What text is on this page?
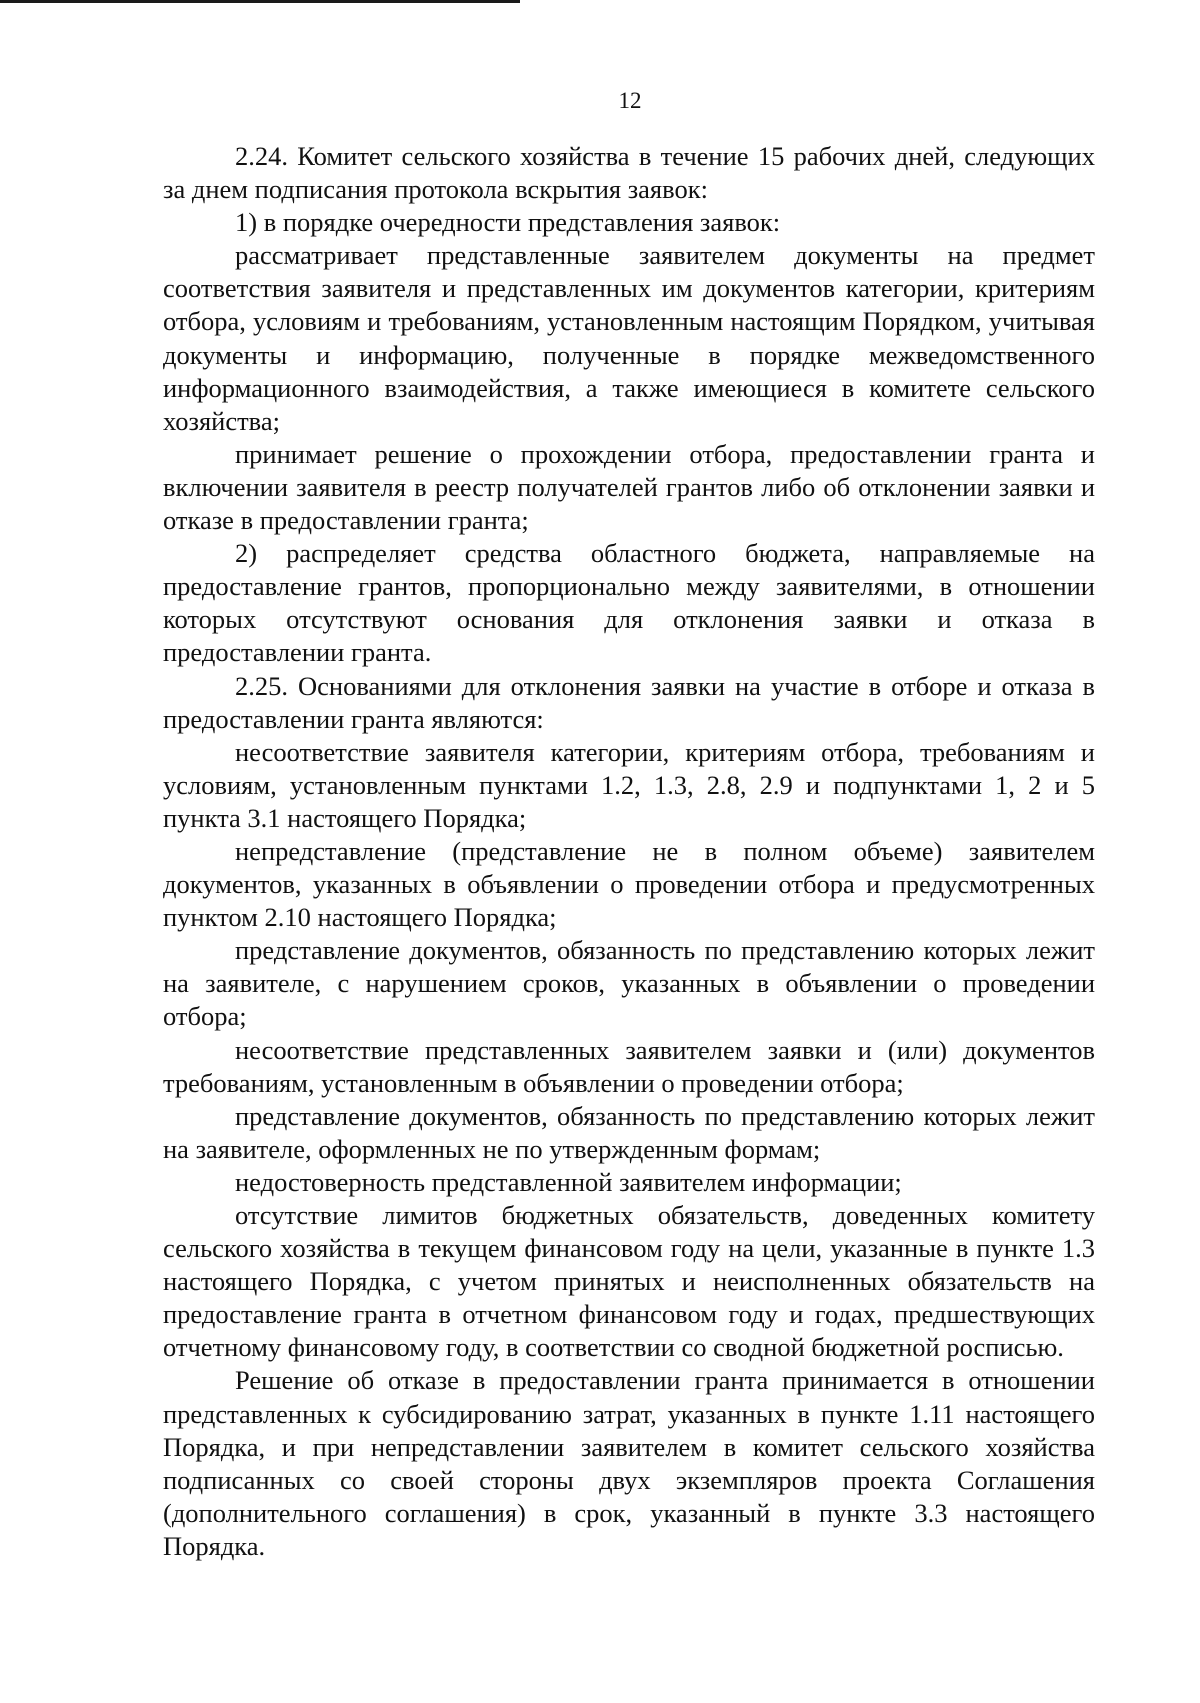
12

2.24. Комитет сельского хозяйства в течение 15 рабочих дней, следующих за днем подписания протокола вскрытия заявок:

1) в порядке очередности представления заявок:

рассматривает представленные заявителем документы на предмет соответствия заявителя и представленных им документов категории, критериям отбора, условиям и требованиям, установленным настоящим Порядком, учитывая документы и информацию, полученные в порядке межведомственного информационного взаимодействия, а также имеющиеся в комитете сельского хозяйства;

принимает решение о прохождении отбора, предоставлении гранта и включении заявителя в реестр получателей грантов либо об отклонении заявки и отказе в предоставлении гранта;

2) распределяет средства областного бюджета, направляемые на предоставление грантов, пропорционально между заявителями, в отношении которых отсутствуют основания для отклонения заявки и отказа в предоставлении гранта.

2.25. Основаниями для отклонения заявки на участие в отборе и отказа в предоставлении гранта являются:

несоответствие заявителя категории, критериям отбора, требованиям и условиям, установленным пунктами 1.2, 1.3, 2.8, 2.9 и подпунктами 1, 2 и 5 пункта 3.1 настоящего Порядка;

непредставление (представление не в полном объеме) заявителем документов, указанных в объявлении о проведении отбора и предусмотренных пунктом 2.10 настоящего Порядка;

представление документов, обязанность по представлению которых лежит на заявителе, с нарушением сроков, указанных в объявлении о проведении отбора;

несоответствие представленных заявителем заявки и (или) документов требованиям, установленным в объявлении о проведении отбора;

представление документов, обязанность по представлению которых лежит на заявителе, оформленных не по утвержденным формам;

недостоверность представленной заявителем информации;

отсутствие лимитов бюджетных обязательств, доведенных комитету сельского хозяйства в текущем финансовом году на цели, указанные в пункте 1.3 настоящего Порядка, с учетом принятых и неисполненных обязательств на предоставление гранта в отчетном финансовом году и годах, предшествующих отчетному финансовому году, в соответствии со сводной бюджетной росписью.

Решение об отказе в предоставлении гранта принимается в отношении представленных к субсидированию затрат, указанных в пункте 1.11 настоящего Порядка, и при непредставлении заявителем в комитет сельского хозяйства подписанных со своей стороны двух экземпляров проекта Соглашения (дополнительного соглашения) в срок, указанный в пункте 3.3 настоящего Порядка.
